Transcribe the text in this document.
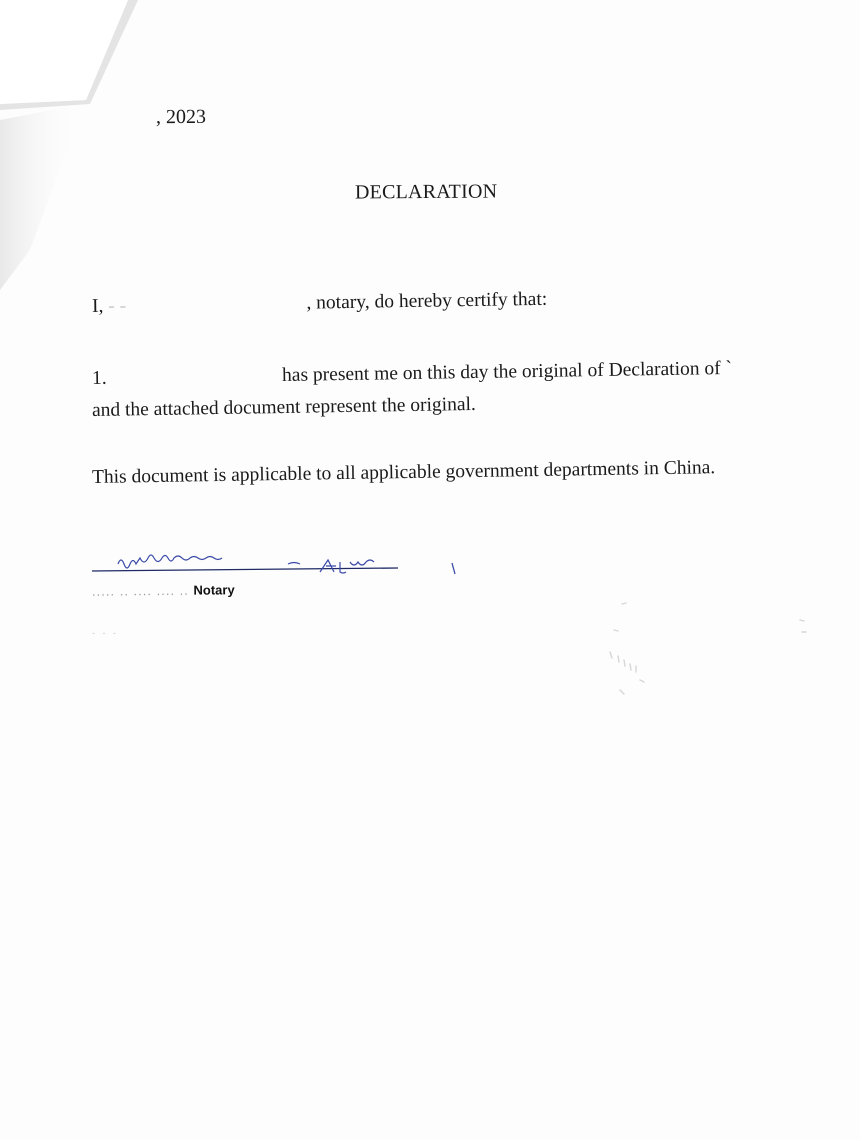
, 2023
DECLARATION
I, - -	, notary, do hereby certify that:
1.	has present me on this day the original of Declaration of `
and the attached document represent the original.
This document is applicable to all applicable government departments in China.
..... .. .... .... .. Notary
-   -   -
